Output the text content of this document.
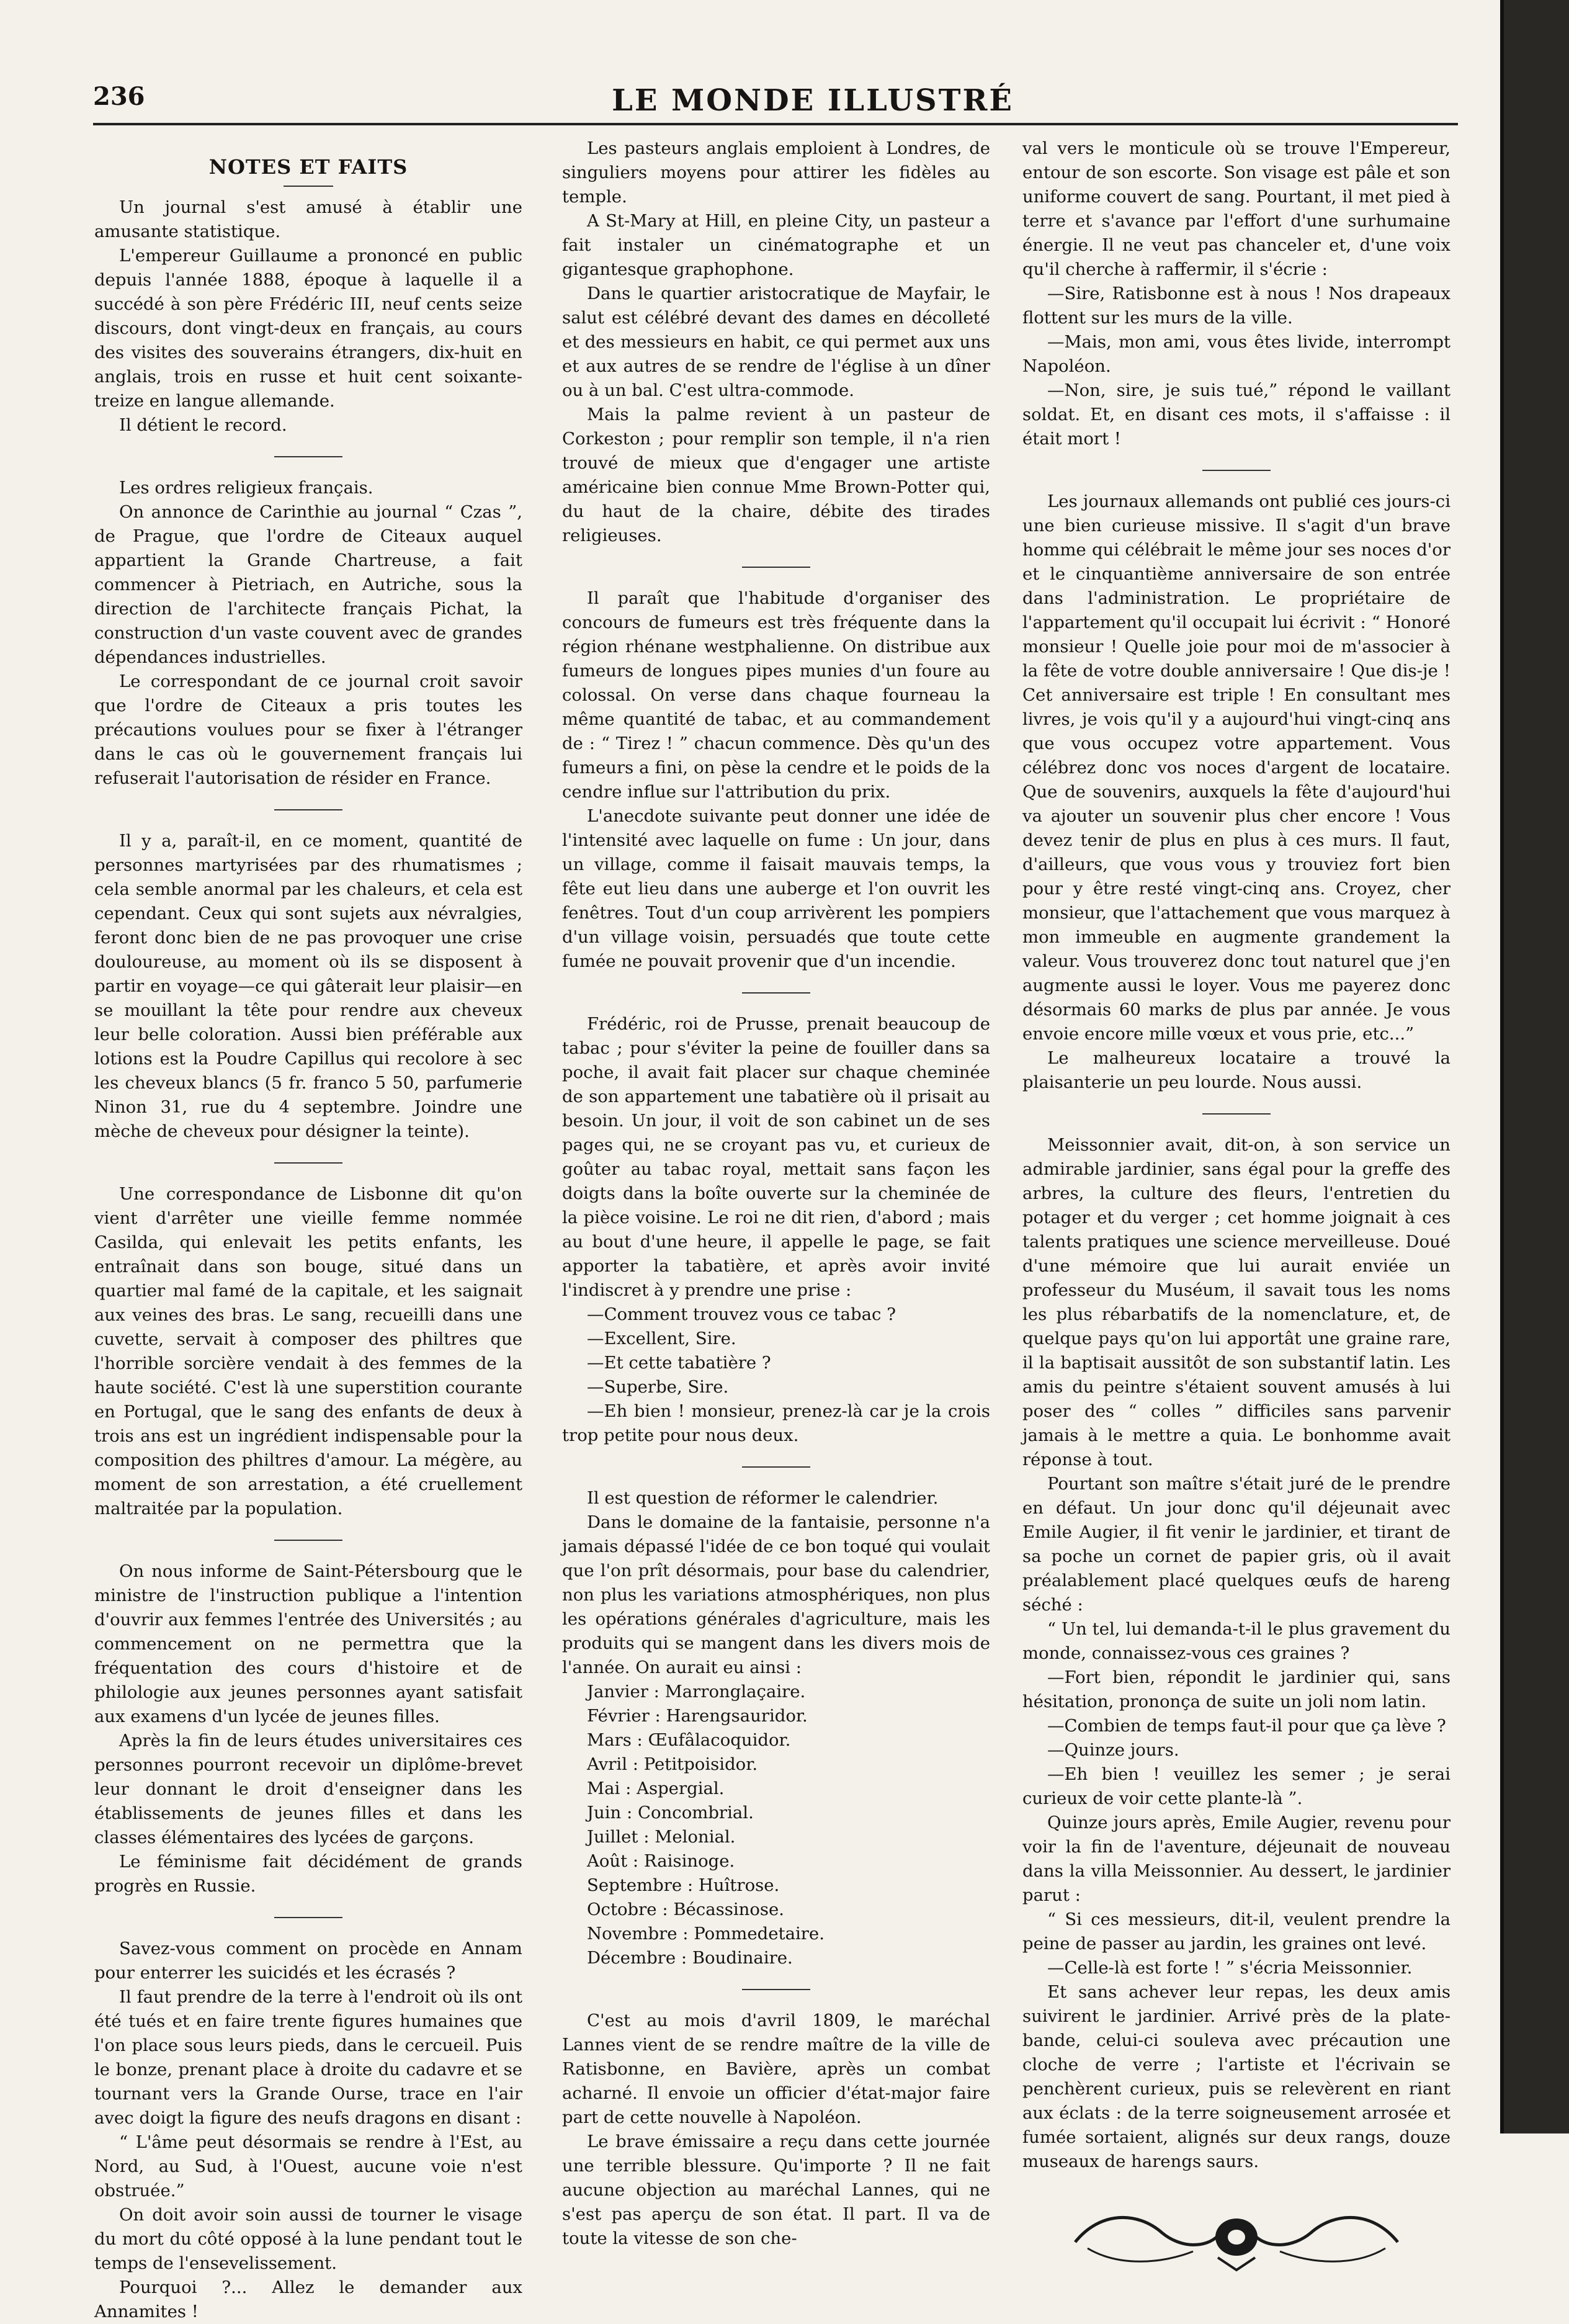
236	LE MONDE ILLUSTRÉ
NOTES ET FAITS

Un journal s'est amusé à établir une amusante statistique.

L'empereur Guillaume a prononcé en public depuis l'année 1888, époque à laquelle il a succédé à son père Frédéric III, neuf cents seize discours, dont vingt-deux en français, au cours des visites des souverains étrangers, dix-huit en anglais, trois en russe et huit cent soixante-treize en langue allemande.

Il détient le record.

Les ordres religieux français.

On annonce de Carinthie au journal “ Czas ”, de Prague, que l'ordre de Citeaux auquel appartient la Grande Chartreuse, a fait commencer à Pietriach, en Autriche, sous la direction de l'architecte français Pichat, la construction d'un vaste couvent avec de grandes dépendances industrielles.

Le correspondant de ce journal croit savoir que l'ordre de Citeaux a pris toutes les précautions voulues pour se fixer à l'étranger dans le cas où le gouvernement français lui refuserait l'autorisation de résider en France.

Il y a, paraît-il, en ce moment, quantité de personnes martyrisées par des rhumatismes ; cela semble anormal par les chaleurs, et cela est cependant. Ceux qui sont sujets aux névralgies, feront donc bien de ne pas provoquer une crise douloureuse, au moment où ils se disposent à partir en voyage—ce qui gâterait leur plaisir—en se mouillant la tête pour rendre aux cheveux leur belle coloration. Aussi bien préférable aux lotions est la Poudre Capillus qui recolore à sec les cheveux blancs (5 fr. franco 5 50, parfumerie Ninon 31, rue du 4 septembre. Joindre une mèche de cheveux pour désigner la teinte).

Une correspondance de Lisbonne dit qu'on vient d'arrêter une vieille femme nommée Casilda, qui enlevait les petits enfants, les entraînait dans son bouge, situé dans un quartier mal famé de la capitale, et les saignait aux veines des bras. Le sang, recueilli dans une cuvette, servait à composer des philtres que l'horrible sorcière vendait à des femmes de la haute société. C'est là une superstition courante en Portugal, que le sang des enfants de deux à trois ans est un ingrédient indispensable pour la composition des philtres d'amour. La mégère, au moment de son arrestation, a été cruellement maltraitée par la population.

On nous informe de Saint-Pétersbourg que le ministre de l'instruction publique a l'intention d'ouvrir aux femmes l'entrée des Universités ; au commencement on ne permettra que la fréquentation des cours d'histoire et de philologie aux jeunes personnes ayant satisfait aux examens d'un lycée de jeunes filles.

Après la fin de leurs études universitaires ces personnes pourront recevoir un diplôme-brevet leur donnant le droit d'enseigner dans les établissements de jeunes filles et dans les classes élémentaires des lycées de garçons.

Le féminisme fait décidément de grands progrès en Russie.

Savez-vous comment on procède en Annam pour enterrer les suicidés et les écrasés ?

Il faut prendre de la terre à l'endroit où ils ont été tués et en faire trente figures humaines que l'on place sous leurs pieds, dans le cercueil. Puis le bonze, prenant place à droite du cadavre et se tournant vers la Grande Ourse, trace en l'air avec doigt la figure des neufs dragons en disant :

“ L'âme peut désormais se rendre à l'Est, au Nord, au Sud, à l'Ouest, aucune voie n'est obstruée.”

On doit avoir soin aussi de tourner le visage du mort du côté opposé à la lune pendant tout le temps de l'ensevelissement.

Pourquoi ?... Allez le demander aux Annamites !

Les pasteurs anglais emploient à Londres, de singuliers moyens pour attirer les fidèles au temple.

A St-Mary at Hill, en pleine City, un pasteur a fait instaler un cinématographe et un gigantesque graphophone.

Dans le quartier aristocratique de Mayfair, le salut est célébré devant des dames en décolleté et des messieurs en habit, ce qui permet aux uns et aux autres de se rendre de l'église à un dîner ou à un bal. C'est ultra-commode.

Mais la palme revient à un pasteur de Corkeston ; pour remplir son temple, il n'a rien trouvé de mieux que d'engager une artiste américaine bien connue Mme Brown-Potter qui, du haut de la chaire, débite des tirades religieuses.

Il paraît que l'habitude d'organiser des concours de fumeurs est très fréquente dans la région rhénane westphalienne. On distribue aux fumeurs de longues pipes munies d'un foure au colossal. On verse dans chaque fourneau la même quantité de tabac, et au commandement de : “ Tirez ! ” chacun commence. Dès qu'un des fumeurs a fini, on pèse la cendre et le poids de la cendre influe sur l'attribution du prix.

L'anecdote suivante peut donner une idée de l'intensité avec laquelle on fume : Un jour, dans un village, comme il faisait mauvais temps, la fête eut lieu dans une auberge et l'on ouvrit les fenêtres. Tout d'un coup arrivèrent les pompiers d'un village voisin, persuadés que toute cette fumée ne pouvait provenir que d'un incendie.

Frédéric, roi de Prusse, prenait beaucoup de tabac ; pour s'éviter la peine de fouiller dans sa poche, il avait fait placer sur chaque cheminée de son appartement une tabatière où il prisait au besoin. Un jour, il voit de son cabinet un de ses pages qui, ne se croyant pas vu, et curieux de goûter au tabac royal, mettait sans façon les doigts dans la boîte ouverte sur la cheminée de la pièce voisine. Le roi ne dit rien, d'abord ; mais au bout d'une heure, il appelle le page, se fait apporter la tabatière, et après avoir invité l'indiscret à y prendre une prise :

—Comment trouvez vous ce tabac ?

—Excellent, Sire.

—Et cette tabatière ?

—Superbe, Sire.

—Eh bien ! monsieur, prenez-là car je la crois trop petite pour nous deux.

Il est question de réformer le calendrier.

Dans le domaine de la fantaisie, personne n'a jamais dépassé l'idée de ce bon toqué qui voulait que l'on prît désormais, pour base du calendrier, non plus les variations atmosphériques, non plus les opérations générales d'agriculture, mais les produits qui se mangent dans les divers mois de l'année. On aurait eu ainsi :

Janvier : Marronglaçaire.
Février : Harengsauridor.
Mars : Œufâlacoquidor.
Avril : Petitpoisidor.
Mai : Aspergial.
Juin : Concombrial.
Juillet : Melonial.
Août : Raisinoge.
Septembre : Huîtrose.
Octobre : Bécassinose.
Novembre : Pommedetaire.
Décembre : Boudinaire.

C'est au mois d'avril 1809, le maréchal Lannes vient de se rendre maître de la ville de Ratisbonne, en Bavière, après un combat acharné. Il envoie un officier d'état-major faire part de cette nouvelle à Napoléon.

Le brave émissaire a reçu dans cette journée une terrible blessure. Qu'importe ? Il ne fait aucune objection au maréchal Lannes, qui ne s'est pas aperçu de son état. Il part. Il va de toute la vitesse de son che-

val vers le monticule où se trouve l'Empereur, entour de son escorte. Son visage est pâle et son uniforme couvert de sang. Pourtant, il met pied à terre et s'avance par l'effort d'une surhumaine énergie. Il ne veut pas chanceler et, d'une voix qu'il cherche à raffermir, il s'écrie :

—Sire, Ratisbonne est à nous ! Nos drapeaux flottent sur les murs de la ville.

—Mais, mon ami, vous êtes livide, interrompt Napoléon.

—Non, sire, je suis tué,” répond le vaillant soldat. Et, en disant ces mots, il s'affaisse : il était mort !

Les journaux allemands ont publié ces jours-ci une bien curieuse missive. Il s'agit d'un brave homme qui célébrait le même jour ses noces d'or et le cinquantième anniversaire de son entrée dans l'administration. Le propriétaire de l'appartement qu'il occupait lui écrivit : “ Honoré monsieur ! Quelle joie pour moi de m'associer à la fête de votre double anniversaire ! Que dis-je ! Cet anniversaire est triple ! En consultant mes livres, je vois qu'il y a aujourd'hui vingt-cinq ans que vous occupez votre appartement. Vous célébrez donc vos noces d'argent de locataire. Que de souvenirs, auxquels la fête d'aujourd'hui va ajouter un souvenir plus cher encore ! Vous devez tenir de plus en plus à ces murs. Il faut, d'ailleurs, que vous vous y trouviez fort bien pour y être resté vingt-cinq ans. Croyez, cher monsieur, que l'attachement que vous marquez à mon immeuble en augmente grandement la valeur. Vous trouverez donc tout naturel que j'en augmente aussi le loyer. Vous me payerez donc désormais 60 marks de plus par année. Je vous envoie encore mille vœux et vous prie, etc...”

Le malheureux locataire a trouvé la plaisanterie un peu lourde. Nous aussi.

Meissonnier avait, dit-on, à son service un admirable jardinier, sans égal pour la greffe des arbres, la culture des fleurs, l'entretien du potager et du verger ; cet homme joignait à ces talents pratiques une science merveilleuse. Doué d'une mémoire que lui aurait enviée un professeur du Muséum, il savait tous les noms les plus rébarbatifs de la nomenclature, et, de quelque pays qu'on lui apportât une graine rare, il la baptisait aussitôt de son substantif latin. Les amis du peintre s'étaient souvent amusés à lui poser des “ colles ” difficiles sans parvenir jamais à le mettre a quia. Le bonhomme avait réponse à tout.

Pourtant son maître s'était juré de le prendre en défaut. Un jour donc qu'il déjeunait avec Emile Augier, il fit venir le jardinier, et tirant de sa poche un cornet de papier gris, où il avait préalablement placé quelques œufs de hareng séché :

“ Un tel, lui demanda-t-il le plus gravement du monde, connaissez-vous ces graines ?

—Fort bien, répondit le jardinier qui, sans hésitation, prononça de suite un joli nom latin.

—Combien de temps faut-il pour que ça lève ?

—Quinze jours.

—Eh bien ! veuillez les semer ; je serai curieux de voir cette plante-là ”.

Quinze jours après, Emile Augier, revenu pour voir la fin de l'aventure, déjeunait de nouveau dans la villa Meissonnier. Au dessert, le jardinier parut :

“ Si ces messieurs, dit-il, veulent prendre la peine de passer au jardin, les graines ont levé.

—Celle-là est forte ! ” s'écria Meissonnier.

Et sans achever leur repas, les deux amis suivirent le jardinier. Arrivé près de la plate-bande, celui-ci souleva avec précaution une cloche de verre ; l'artiste et l'écrivain se penchèrent curieux, puis se relevèrent en riant aux éclats : de la terre soigneusement arrosée et fumée sortaient, alignés sur deux rangs, douze museaux de harengs saurs.
